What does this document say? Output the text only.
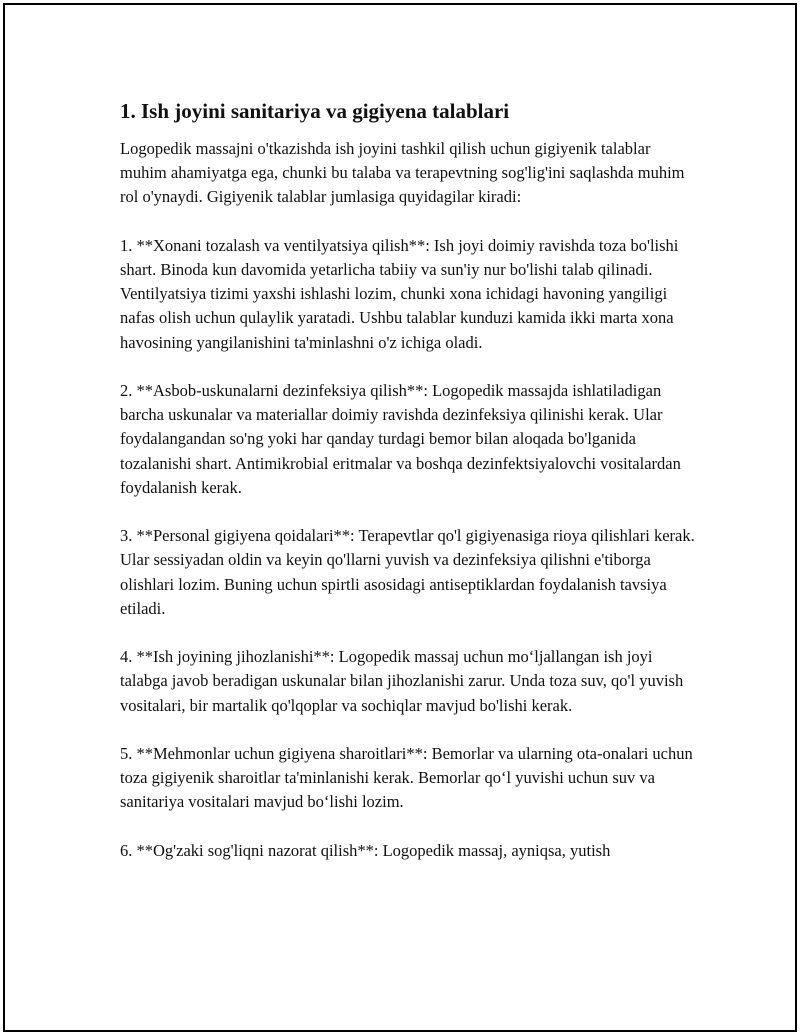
1. Ish joyini sanitariya va gigiyena talablari

Logopedik massajni o'tkazishda ish joyini tashkil qilish uchun gigiyenik talablar muhim ahamiyatga ega, chunki bu talaba va terapevtning sog'lig'ini saqlashda muhim rol o'ynaydi. Gigiyenik talablar jumlasiga quyidagilar kiradi:

1. **Xonani tozalash va ventilyatsiya qilish**: Ish joyi doimiy ravishda toza bo'lishi shart. Binoda kun davomida yetarlicha tabiiy va sun'iy nur bo'lishi talab qilinadi. Ventilyatsiya tizimi yaxshi ishlashi lozim, chunki xona ichidagi havoning yangiligi nafas olish uchun qulaylik yaratadi. Ushbu talablar kunduzi kamida ikki marta xona havosining yangilanishini ta'minlashni o'z ichiga oladi.

2. **Asbob-uskunalarni dezinfeksiya qilish**: Logopedik massajda ishlatiladigan barcha uskunalar va materiallar doimiy ravishda dezinfeksiya qilinishi kerak. Ular foydalangandan so'ng yoki har qanday turdagi bemor bilan aloqada bo'lganida tozalanishi shart. Antimikrobial eritmalar va boshqa dezinfektsiyalovchi vositalardan foydalanish kerak.

3. **Personal gigiyena qoidalari**: Terapevtlar qo'l gigiyenasiga rioya qilishlari kerak. Ular sessiyadan oldin va keyin qo'llarni yuvish va dezinfeksiya qilishni e'tiborga olishlari lozim. Buning uchun spirtli asosidagi antiseptiklardan foydalanish tavsiya etiladi.

4. **Ish joyining jihozlanishi**: Logopedik massaj uchun mo‘ljallangan ish joyi talabga javob beradigan uskunalar bilan jihozlanishi zarur. Unda toza suv, qo'l yuvish vositalari, bir martalik qo'lqoplar va sochiqlar mavjud bo'lishi kerak.

5. **Mehmonlar uchun gigiyena sharoitlari**: Bemorlar va ularning ota-onalari uchun toza gigiyenik sharoitlar ta'minlanishi kerak. Bemorlar qo‘l yuvishi uchun suv va sanitariya vositalari mavjud bo‘lishi lozim.

6. **Og'zaki sog'liqni nazorat qilish**: Logopedik massaj, ayniqsa, yutish
